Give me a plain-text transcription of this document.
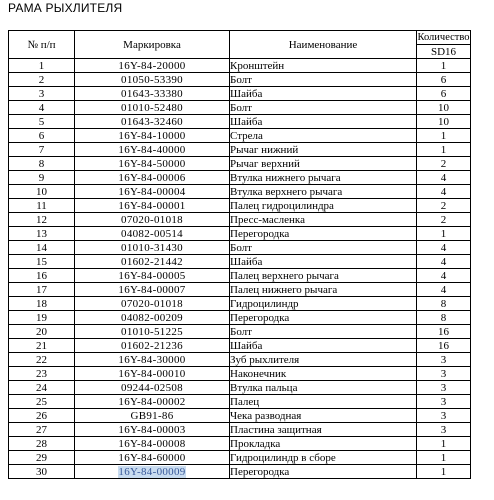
РАМА РЫХЛИТЕЛЯ
№ п/п	Маркировка	Наименование	Количество
			SD16
1	16Y-84-20000	Кронштейн	1
2	01050-53390	Болт	6
3	01643-33380	Шайба	6
4	01010-52480	Болт	10
5	01643-32460	Шайба	10
6	16Y-84-10000	Стрела	1
7	16Y-84-40000	Рычаг нижний	1
8	16Y-84-50000	Рычаг верхний	2
9	16Y-84-00006	Втулка нижнего рычага	4
10	16Y-84-00004	Втулка верхнего рычага	4
11	16Y-84-00001	Палец гидроцилиндра	2
12	07020-01018	Пресс-масленка	2
13	04082-00514	Перегородка	1
14	01010-31430	Болт	4
15	01602-21442	Шайба	4
16	16Y-84-00005	Палец верхнего рычага	4
17	16Y-84-00007	Палец нижнего рычага	4
18	07020-01018	Гидроцилиндр	8
19	04082-00209	Перегородка	8
20	01010-51225	Болт	16
21	01602-21236	Шайба	16
22	16Y-84-30000	Зуб рыхлителя	3
23	16Y-84-00010	Наконечник	3
24	09244-02508	Втулка пальца	3
25	16Y-84-00002	Палец	3
26	GB91-86	Чека разводная	3
27	16Y-84-00003	Пластина защитная	3
28	16Y-84-00008	Прокладка	1
29	16Y-84-60000	Гидроцилиндр в сборе	1
30	16Y-84-00009	Перегородка	1
